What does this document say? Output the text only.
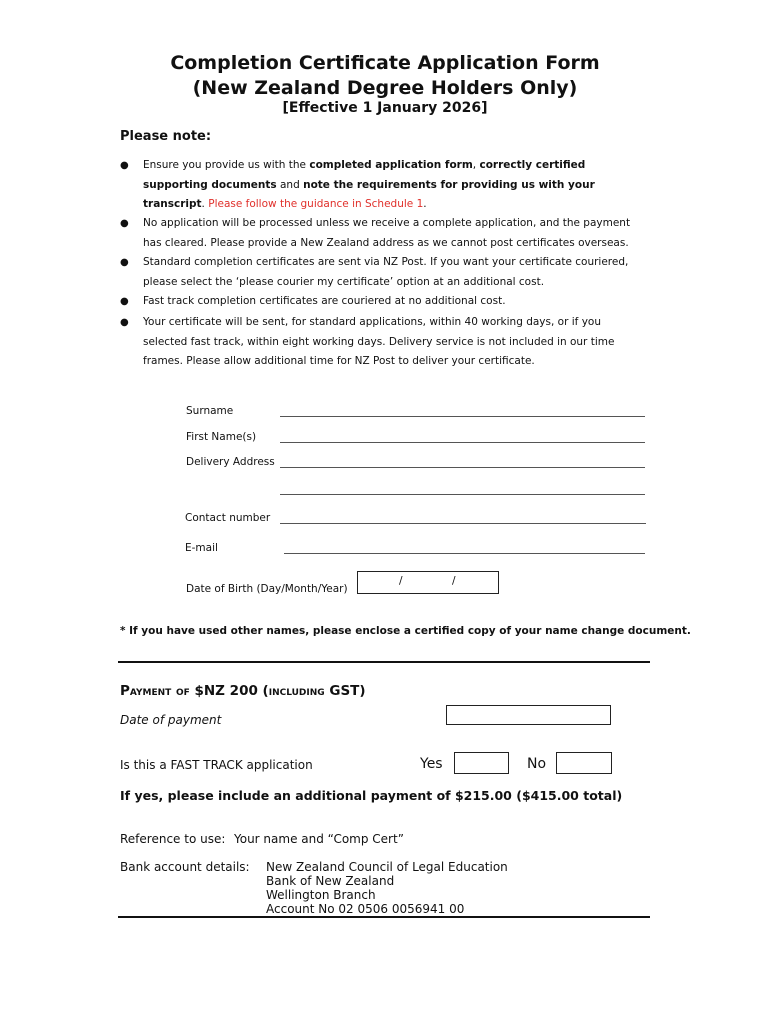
Completion Certificate Application Form
(New Zealand Degree Holders Only)
[Effective 1 January 2026]
Please note:
● Ensure you provide us with the completed application form, correctly certified supporting documents and note the requirements for providing us with your transcript. Please follow the guidance in Schedule 1.
● No application will be processed unless we receive a complete application, and the payment has cleared. Please provide a New Zealand address as we cannot post certificates overseas.
● Standard completion certificates are sent via NZ Post. If you want your certificate couriered, please select the ‘please courier my certificate’ option at an additional cost.
● Fast track completion certificates are couriered at no additional cost.
● Your certificate will be sent, for standard applications, within 40 working days, or if you selected fast track, within eight working days. Delivery service is not included in our time frames. Please allow additional time for NZ Post to deliver your certificate.
Surname
First Name(s)
Delivery Address
Contact number
E-mail
Date of Birth (Day/Month/Year)
/	/
* If you have used other names, please enclose a certified copy of your name change document.
Payment of $NZ 200 (including GST)
Date of payment
Is this a FAST TRACK application	Yes	No
If yes, please include an additional payment of $215.00 ($415.00 total)
Reference to use: Your name and “Comp Cert”
Bank account details: New Zealand Council of Legal Education
Bank of New Zealand
Wellington Branch
Account No 02 0506 0056941 00
